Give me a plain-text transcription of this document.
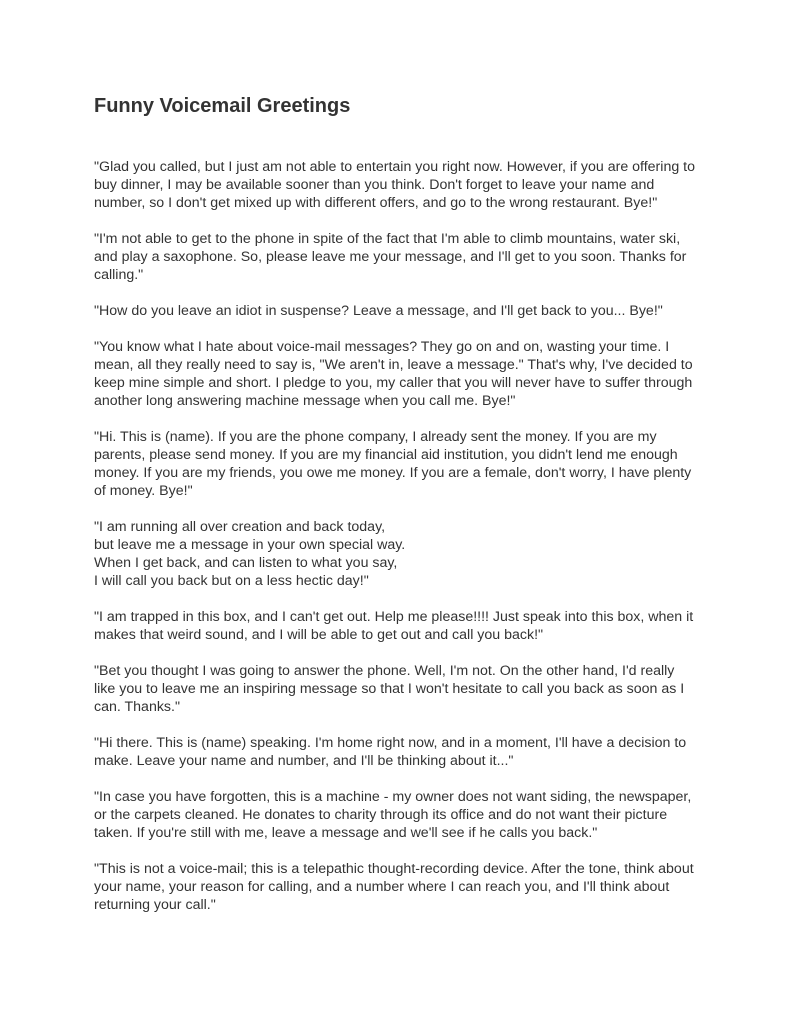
Funny Voicemail Greetings

"Glad you called, but I just am not able to entertain you right now. However, if you are offering to
buy dinner, I may be available sooner than you think. Don't forget to leave your name and
number, so I don't get mixed up with different offers, and go to the wrong restaurant. Bye!"

"I'm not able to get to the phone in spite of the fact that I'm able to climb mountains, water ski,
and play a saxophone. So, please leave me your message, and I'll get to you soon. Thanks for
calling."

"How do you leave an idiot in suspense? Leave a message, and I'll get back to you... Bye!"

"You know what I hate about voice-mail messages? They go on and on, wasting your time. I
mean, all they really need to say is, "We aren't in, leave a message." That's why, I've decided to
keep mine simple and short. I pledge to you, my caller that you will never have to suffer through
another long answering machine message when you call me. Bye!"

"Hi. This is (name). If you are the phone company, I already sent the money. If you are my
parents, please send money. If you are my financial aid institution, you didn't lend me enough
money. If you are my friends, you owe me money. If you are a female, don't worry, I have plenty
of money. Bye!"

"I am running all over creation and back today,
but leave me a message in your own special way.
When I get back, and can listen to what you say,
I will call you back but on a less hectic day!"

"I am trapped in this box, and I can't get out. Help me please!!!! Just speak into this box, when it
makes that weird sound, and I will be able to get out and call you back!"

"Bet you thought I was going to answer the phone. Well, I'm not. On the other hand, I'd really
like you to leave me an inspiring message so that I won't hesitate to call you back as soon as I
can. Thanks."

"Hi there. This is (name) speaking. I'm home right now, and in a moment, I'll have a decision to
make. Leave your name and number, and I'll be thinking about it..."

"In case you have forgotten, this is a machine - my owner does not want siding, the newspaper,
or the carpets cleaned. He donates to charity through its office and do not want their picture
taken. If you're still with me, leave a message and we'll see if he calls you back."

"This is not a voice-mail; this is a telepathic thought-recording device. After the tone, think about
your name, your reason for calling, and a number where I can reach you, and I'll think about
returning your call."
